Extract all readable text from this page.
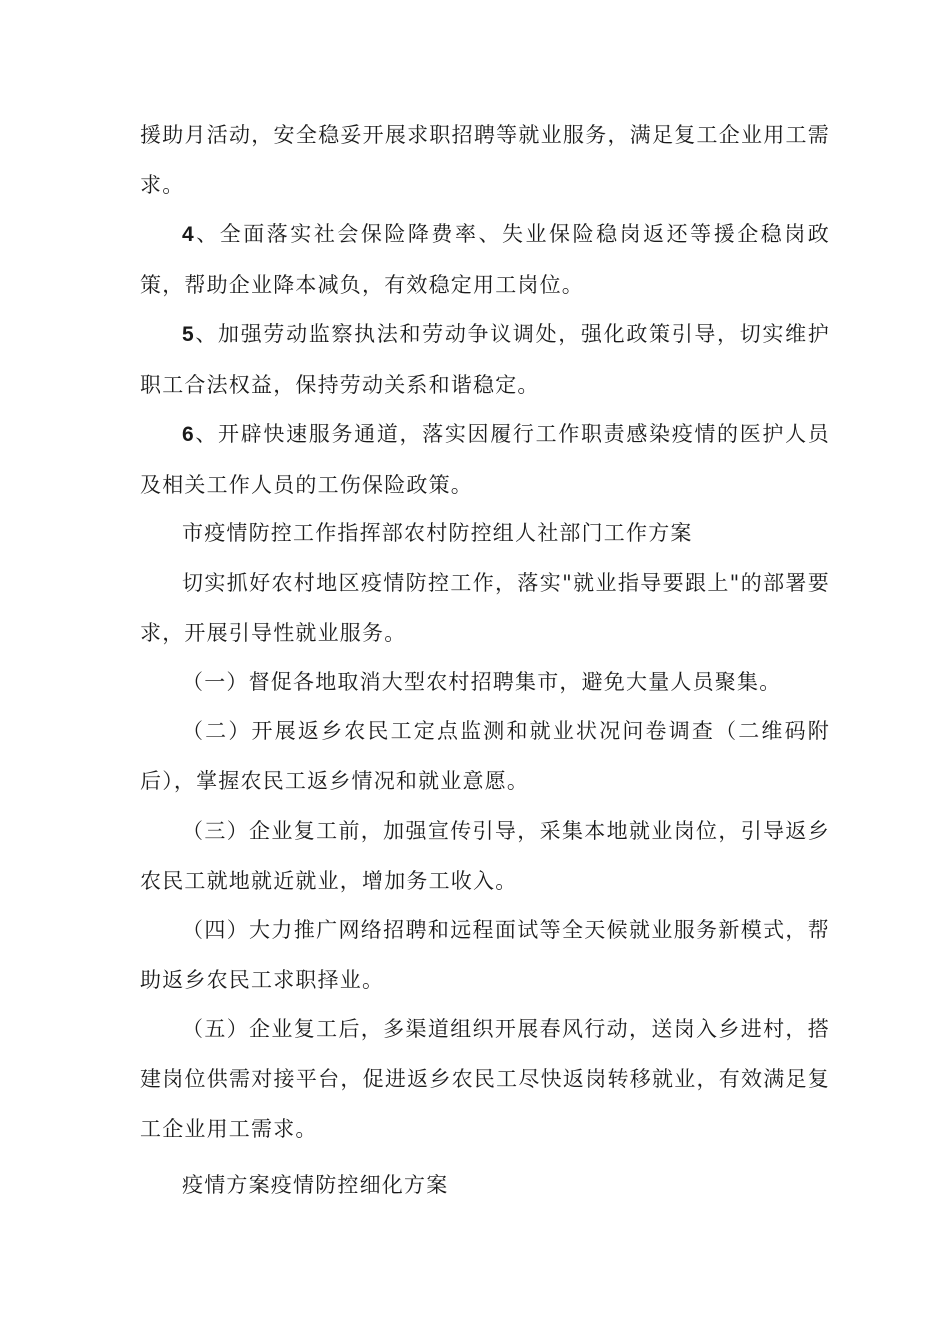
援助月活动，安全稳妥开展求职招聘等就业服务，满足复工企业用工需求。

4、全面落实社会保险降费率、失业保险稳岗返还等援企稳岗政策，帮助企业降本减负，有效稳定用工岗位。

5、加强劳动监察执法和劳动争议调处，强化政策引导，切实维护职工合法权益，保持劳动关系和谐稳定。

6、开辟快速服务通道，落实因履行工作职责感染疫情的医护人员及相关工作人员的工伤保险政策。

市疫情防控工作指挥部农村防控组人社部门工作方案

切实抓好农村地区疫情防控工作，落实"就业指导要跟上"的部署要求，开展引导性就业服务。

（一）督促各地取消大型农村招聘集市，避免大量人员聚集。

（二）开展返乡农民工定点监测和就业状况问卷调查（二维码附后），掌握农民工返乡情况和就业意愿。

（三）企业复工前，加强宣传引导，采集本地就业岗位，引导返乡农民工就地就近就业，增加务工收入。

（四）大力推广网络招聘和远程面试等全天候就业服务新模式，帮助返乡农民工求职择业。

（五）企业复工后，多渠道组织开展春风行动，送岗入乡进村，搭建岗位供需对接平台，促进返乡农民工尽快返岗转移就业，有效满足复工企业用工需求。

疫情方案疫情防控细化方案
